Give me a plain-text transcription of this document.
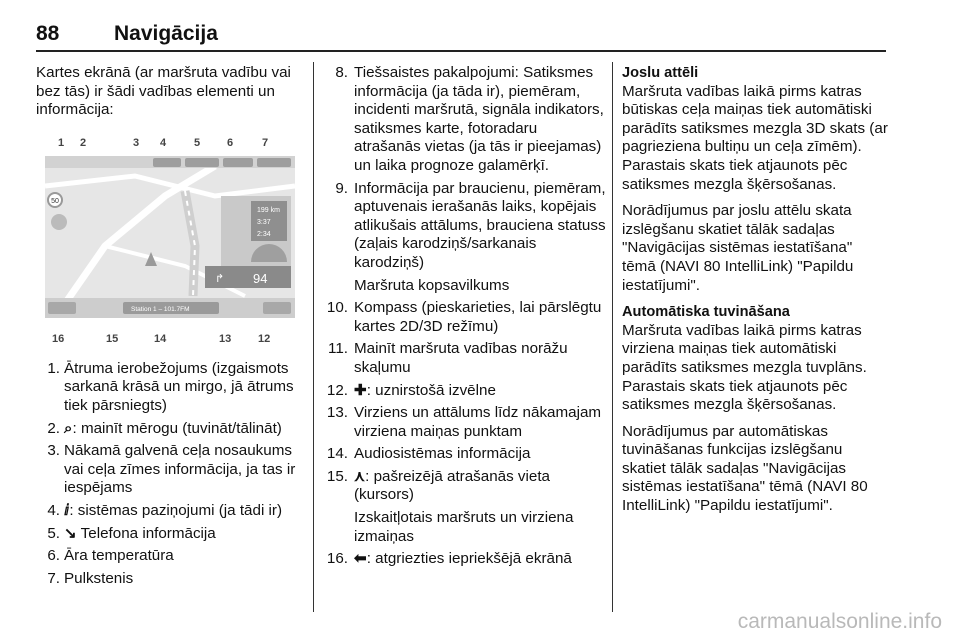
88	Navigācija

Kartes ekrānā (ar maršruta vadību vai bez tās) ir šādi vadības elementi un informācija:

1 2	3 4	5 6	7
16	15	14	13 12
50
199 km
3:37
2:34
↱ 94
Station 1 – 101.7FM
1. Ātruma ierobežojums (izgaismots sarkanā krāsā un mirgo, jā ātrums tiek pārsniegts)
2. ⌕: mainīt mērogu (tuvināt/tālināt)
3. Nākamā galvenā ceļa nosaukums vai ceļa zīmes informācija, ja tas ir iespējams
4. ⅈ: sistēmas paziņojumi (ja tādi ir)
5. ↘ Telefona informācija
6. Āra temperatūra
7. Pulkstenis
8. Tiešsaistes pakalpojumi: Satiksmes informācija (ja tāda ir), piemēram, incidenti maršrutā, signāla indikators, satiksmes karte, fotoradaru atrašanās vietas (ja tās ir pieejamas) un laika prognoze galamērķī.
9. Informācija par braucienu, piemēram, aptuvenais ierašanās laiks, kopējais atlikušais attālums, brauciena statuss (zaļais karodziņš/sarkanais karodziņš)
Maršruta kopsavilkums
10. Kompass (pieskarieties, lai pārslēgtu kartes 2D/3D režīmu)
11. Mainīt maršruta vadības norāžu skaļumu
12. ✚: uznirstošā izvēlne
13. Virziens un attālums līdz nākamajam virziena maiņas punktam
14. Audiosistēmas informācija
15. ⋏: pašreizējā atrašanās vieta (kursors)
Izskaitļotais maršruts un virziena izmaiņas
16. ⬅: atgriezties iepriekšējā ekrānā

Joslu attēli

Maršruta vadības laikā pirms katras būtiskas ceļa maiņas tiek automātiski parādīts satiksmes mezgla 3D skats (ar pagrieziena bultiņu un ceļa zīmēm). Parastais skats tiek atjaunots pēc satiksmes mezgla šķērsošanas.

Norādījumus par joslu attēlu skata izslēgšanu skatiet tālāk sadaļas "Navigācijas sistēmas iestatīšana" tēmā (NAVI 80 IntelliLink) "Papildu iestatījumi".

Automātiska tuvināšana

Maršruta vadības laikā pirms katras virziena maiņas tiek automātiski parādīts satiksmes mezgla tuvplāns. Parastais skats tiek atjaunots pēc satiksmes mezgla šķērsošanas.

Norādījumus par automātiskas tuvināšanas funkcijas izslēgšanu skatiet tālāk sadaļas "Navigācijas sistēmas iestatīšana" tēmā (NAVI 80 IntelliLink) "Papildu iestatījumi".

carmanualsonline.info
